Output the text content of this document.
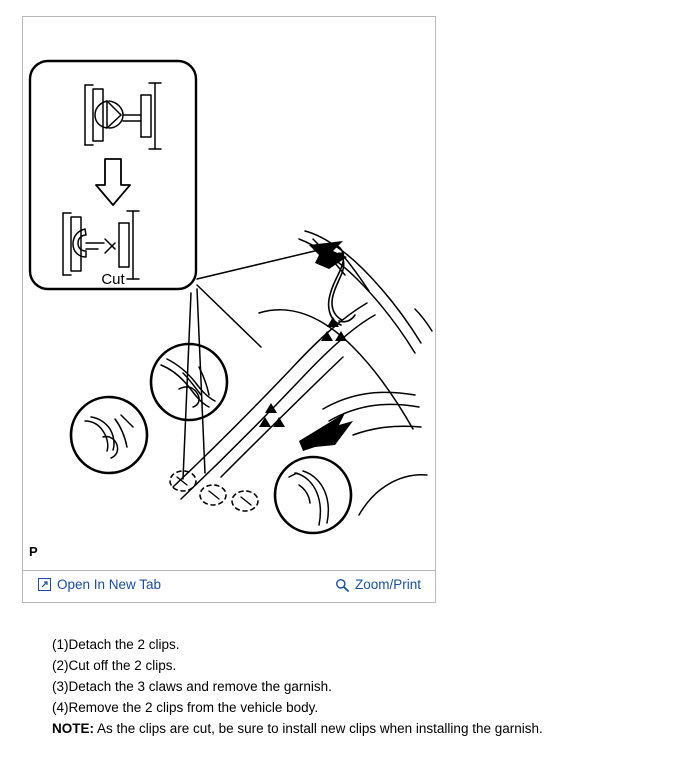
Cut
P
Open In New Tab	Zoom/Print
(1)Detach the 2 clips.
(2)Cut off the 2 clips.
(3)Detach the 3 claws and remove the garnish.
(4)Remove the 2 clips from the vehicle body.
NOTE: As the clips are cut, be sure to install new clips when installing the garnish.
